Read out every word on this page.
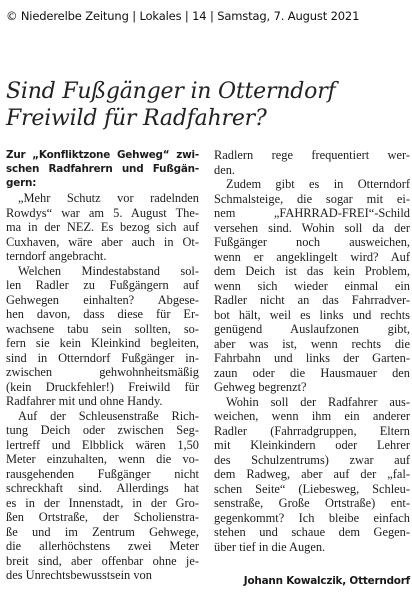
© Niederelbe Zeitung | Lokales | 14 | Samstag, 7. August 2021
Sind Fußgänger in Otterndorf
Freiwild für Radfahrer?
Zur „Konfliktzone Gehweg“ zwi-
schen Radfahrern und Fußgän-
gern:
„Mehr Schutz vor radelnden
Rowdys“ war am 5. August The-
ma in der NEZ. Es bezog sich auf
Cuxhaven, wäre aber auch in Ot-
terndorf angebracht.
Welchen Mindestabstand sol-
len Radler zu Fußgängern auf
Gehwegen einhalten? Abgese-
hen davon, dass diese für Er-
wachsene tabu sein sollten, so-
fern sie kein Kleinkind begleiten,
sind in Otterndorf Fußgänger in-
zwischen gehwohnheitsmäßig
(kein Druckfehler!) Freiwild für
Radfahrer mit und ohne Handy.
Auf der Schleusenstraße Rich-
tung Deich oder zwischen Seg-
lertreff und Elbblick wären 1,50
Meter einzuhalten, wenn die vo-
rausgehenden Fußgänger nicht
schreckhaft sind. Allerdings hat
es in der Innenstadt, in der Gro-
ßen Ortstraße, der Scholienstra-
ße und im Zentrum Gehwege,
die allerhöchstens zwei Meter
breit sind, aber offenbar ohne je-
des Unrechtsbewusstsein von
Radlern rege frequentiert wer-
den.
Zudem gibt es in Otterndorf
Schmalsteige, die sogar mit ei-
nem „FAHRRAD-FREI“-Schild
versehen sind. Wohin soll da der
Fußgänger noch ausweichen,
wenn er angeklingelt wird? Auf
dem Deich ist das kein Problem,
wenn sich wieder einmal ein
Radler nicht an das Fahrradver-
bot hält, weil es links und rechts
genügend Auslaufzonen gibt,
aber was ist, wenn rechts die
Fahrbahn und links der Garten-
zaun oder die Hausmauer den
Gehweg begrenzt?
Wohin soll der Radfahrer aus-
weichen, wenn ihm ein anderer
Radler (Fahrradgruppen, Eltern
mit Kleinkindern oder Lehrer
des Schulzentrums) zwar auf
dem Radweg, aber auf der „fal-
schen Seite“ (Liebesweg, Schleu-
senstraße, Große Ortstraße) ent-
gegenkommt? Ich bleibe einfach
stehen und schaue dem Gegen-
über tief in die Augen.
Johann Kowalczik, Otterndorf
